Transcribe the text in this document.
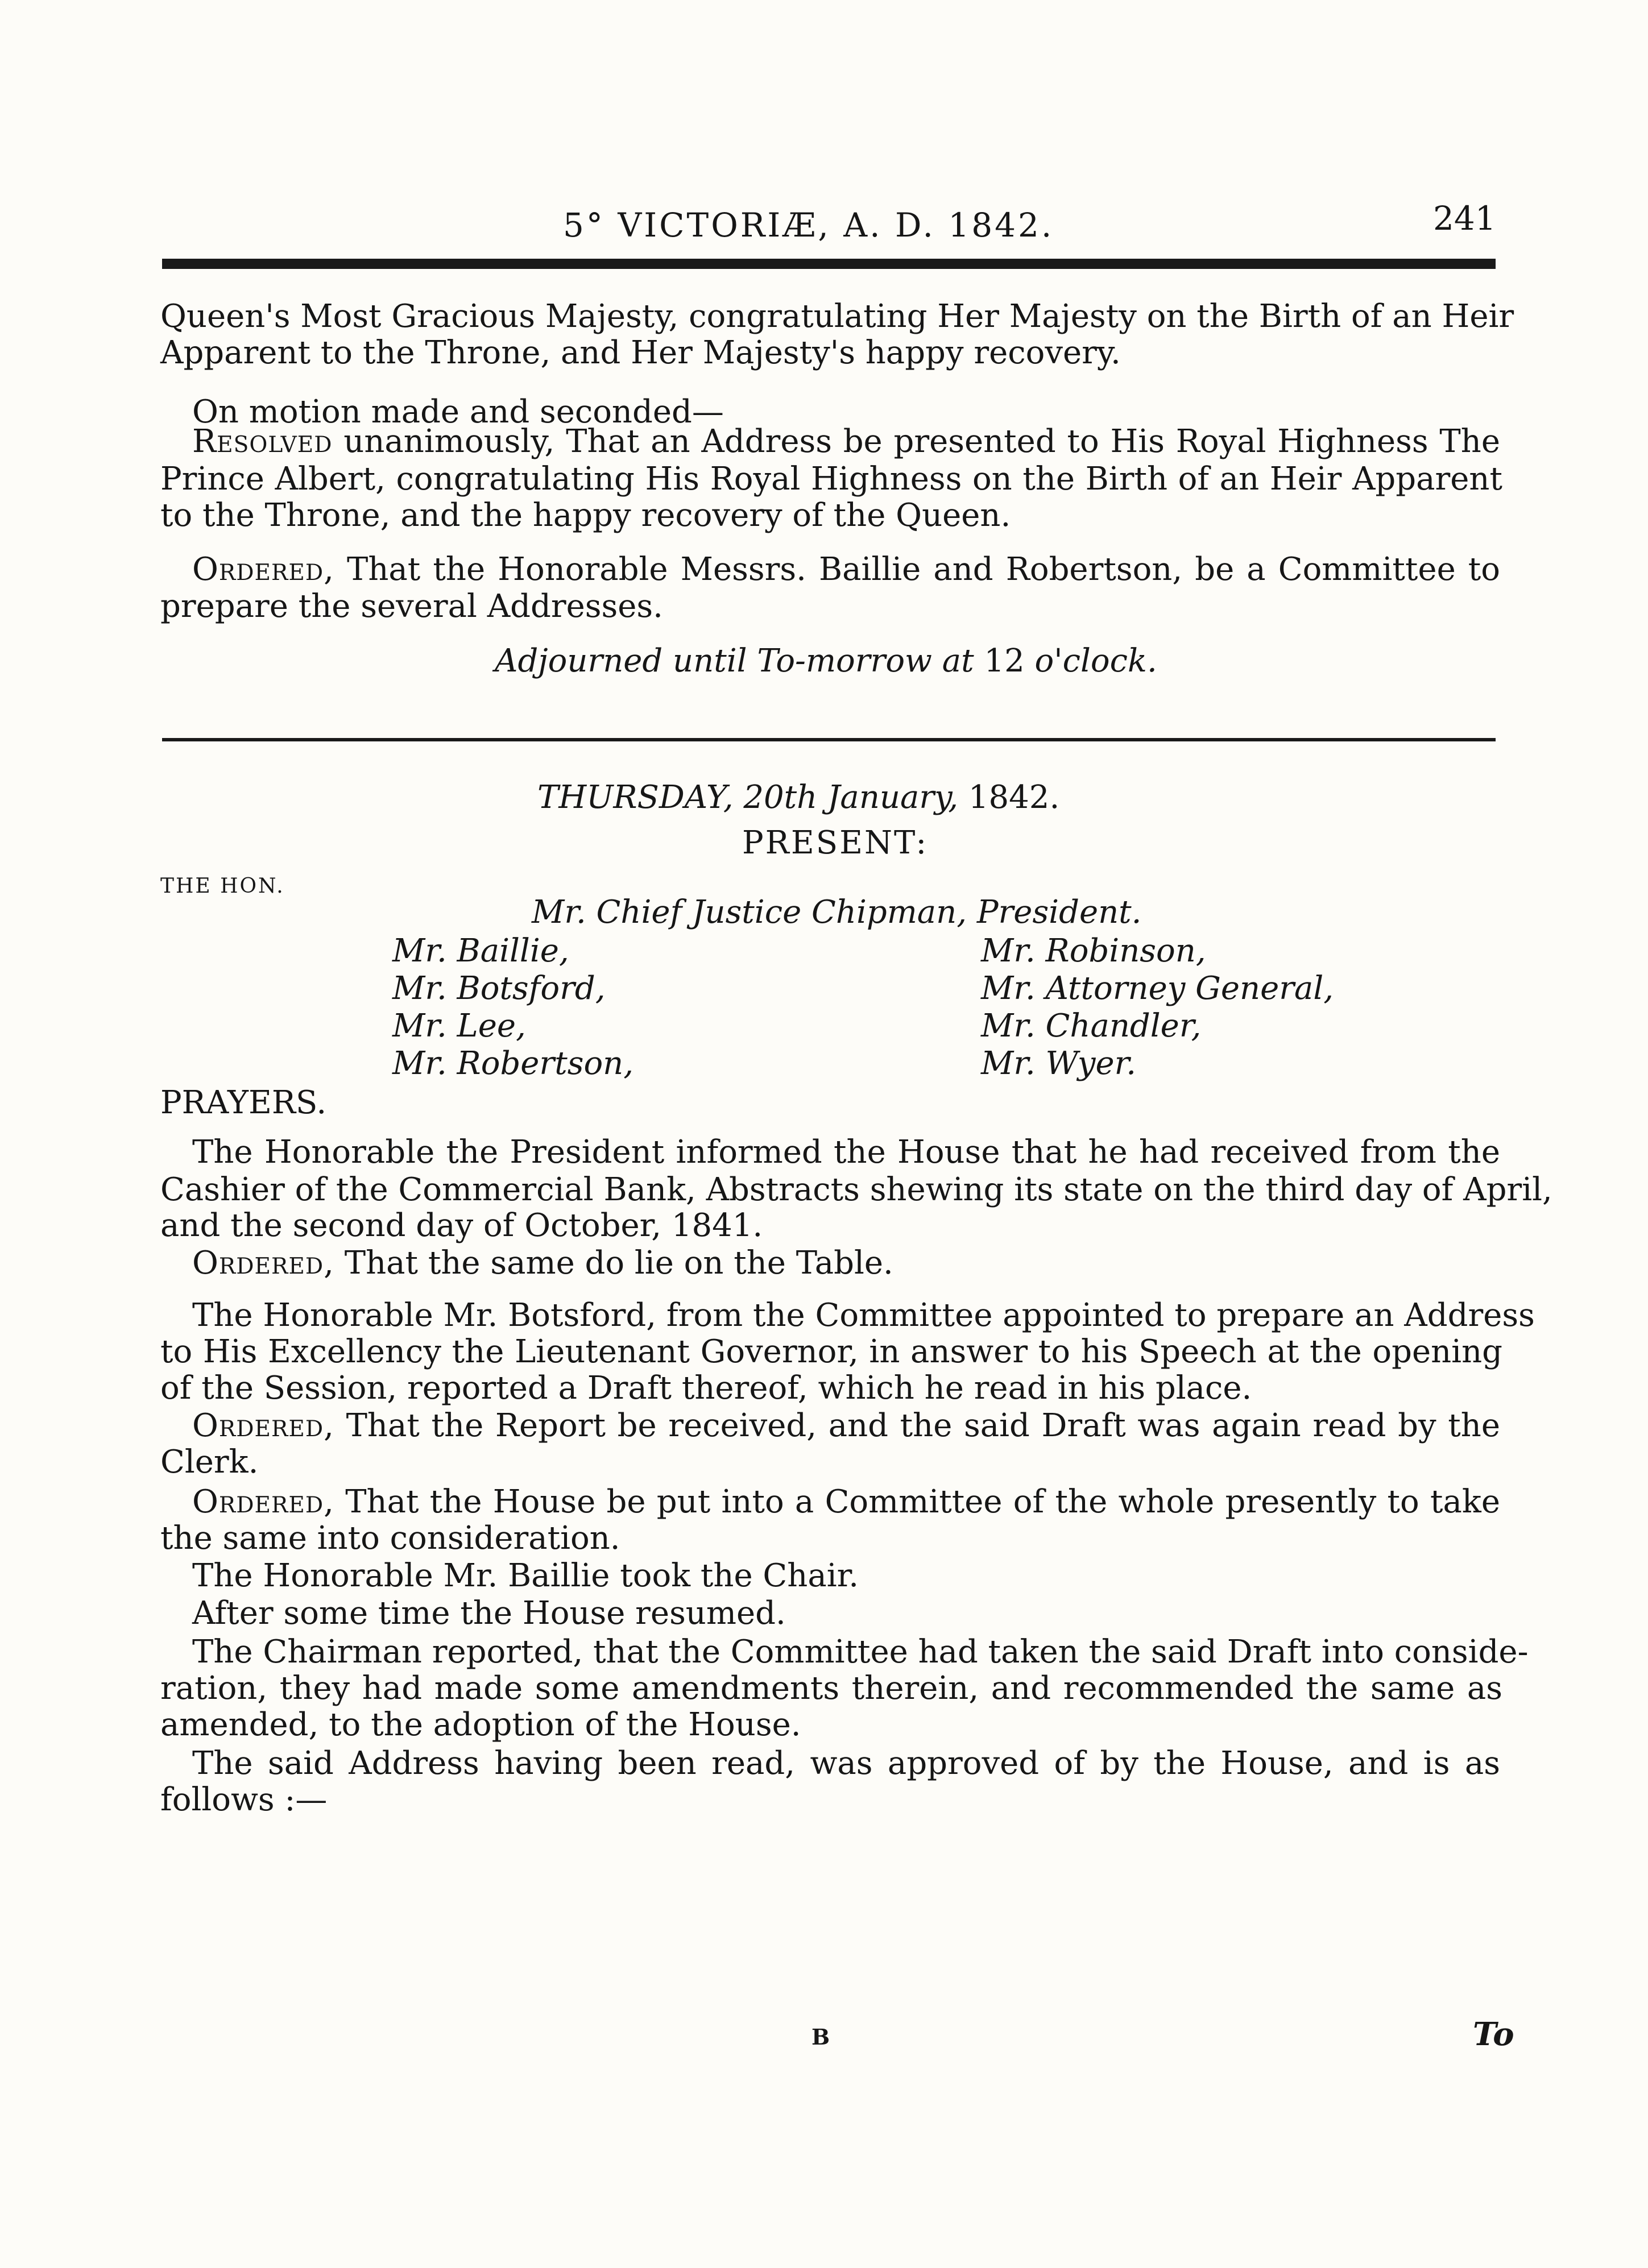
5° VICTORIÆ, A. D. 1842.	241
Queen's Most Gracious Majesty, congratulating Her Majesty on the Birth of an Heir
Apparent to the Throne, and Her Majesty's happy recovery.
On motion made and seconded—
Resolved unanimously, That an Address be presented to His Royal Highness The
Prince Albert, congratulating His Royal Highness on the Birth of an Heir Apparent
to the Throne, and the happy recovery of the Queen.
Ordered, That the Honorable Messrs. Baillie and Robertson, be a Committee to
prepare the several Addresses.
Adjourned until To-morrow at 12 o'clock.
THURSDAY, 20th January, 1842.
PRESENT:
THE HON.
Mr. Chief Justice Chipman, President.
Mr. Baillie,
Mr. Botsford,
Mr. Lee,
Mr. Robertson,
Mr. Robinson,
Mr. Attorney General,
Mr. Chandler,
Mr. Wyer.
PRAYERS.
The Honorable the President informed the House that he had received from the
Cashier of the Commercial Bank, Abstracts shewing its state on the third day of April,
and the second day of October, 1841.
Ordered, That the same do lie on the Table.
The Honorable Mr. Botsford, from the Committee appointed to prepare an Address
to His Excellency the Lieutenant Governor, in answer to his Speech at the opening
of the Session, reported a Draft thereof, which he read in his place.
Ordered, That the Report be received, and the said Draft was again read by the
Clerk.
Ordered, That the House be put into a Committee of the whole presently to take
the same into consideration.
The Honorable Mr. Baillie took the Chair.
After some time the House resumed.
The Chairman reported, that the Committee had taken the said Draft into conside-
ration, they had made some amendments therein, and recommended the same as
amended, to the adoption of the House.
The said Address having been read, was approved of by the House, and is as
follows :—
B	To
